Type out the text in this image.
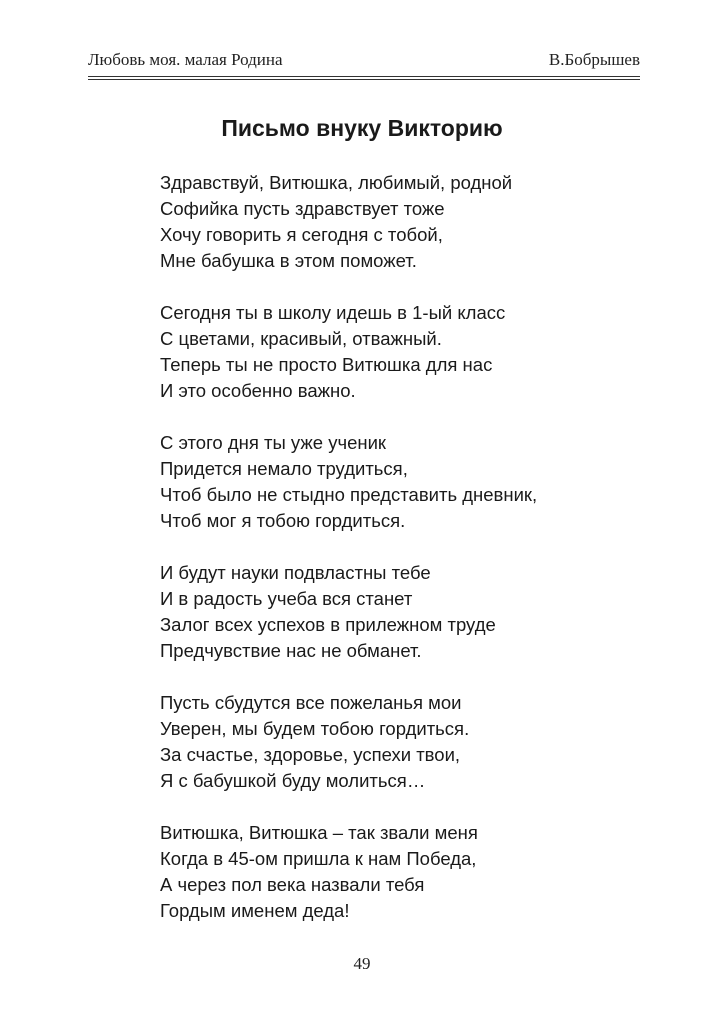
Любовь моя. малая Родина	В.Бобрышев
Письмо внуку Викторию
Здравствуй, Витюшка, любимый, родной
Софийка пусть здравствует тоже
Хочу говорить я сегодня с тобой,
Мне бабушка в этом поможет.
Сегодня ты в школу идешь в 1-ый класс
С цветами, красивый, отважный.
Теперь ты не просто Витюшка для нас
И это особенно важно.
С этого дня ты уже ученик
Придется немало трудиться,
Чтоб было не стыдно представить дневник,
Чтоб мог я тобою гордиться.
И будут науки подвластны тебе
И в радость учеба вся станет
Залог всех успехов в прилежном труде
Предчувствие нас не обманет.
Пусть сбудутся все пожеланья мои
Уверен, мы будем тобою гордиться.
За счастье, здоровье, успехи твои,
Я с бабушкой буду молиться…
Витюшка, Витюшка – так звали меня
Когда в 45-ом пришла к нам Победа,
А через пол века назвали тебя
Гордым именем деда!
49
